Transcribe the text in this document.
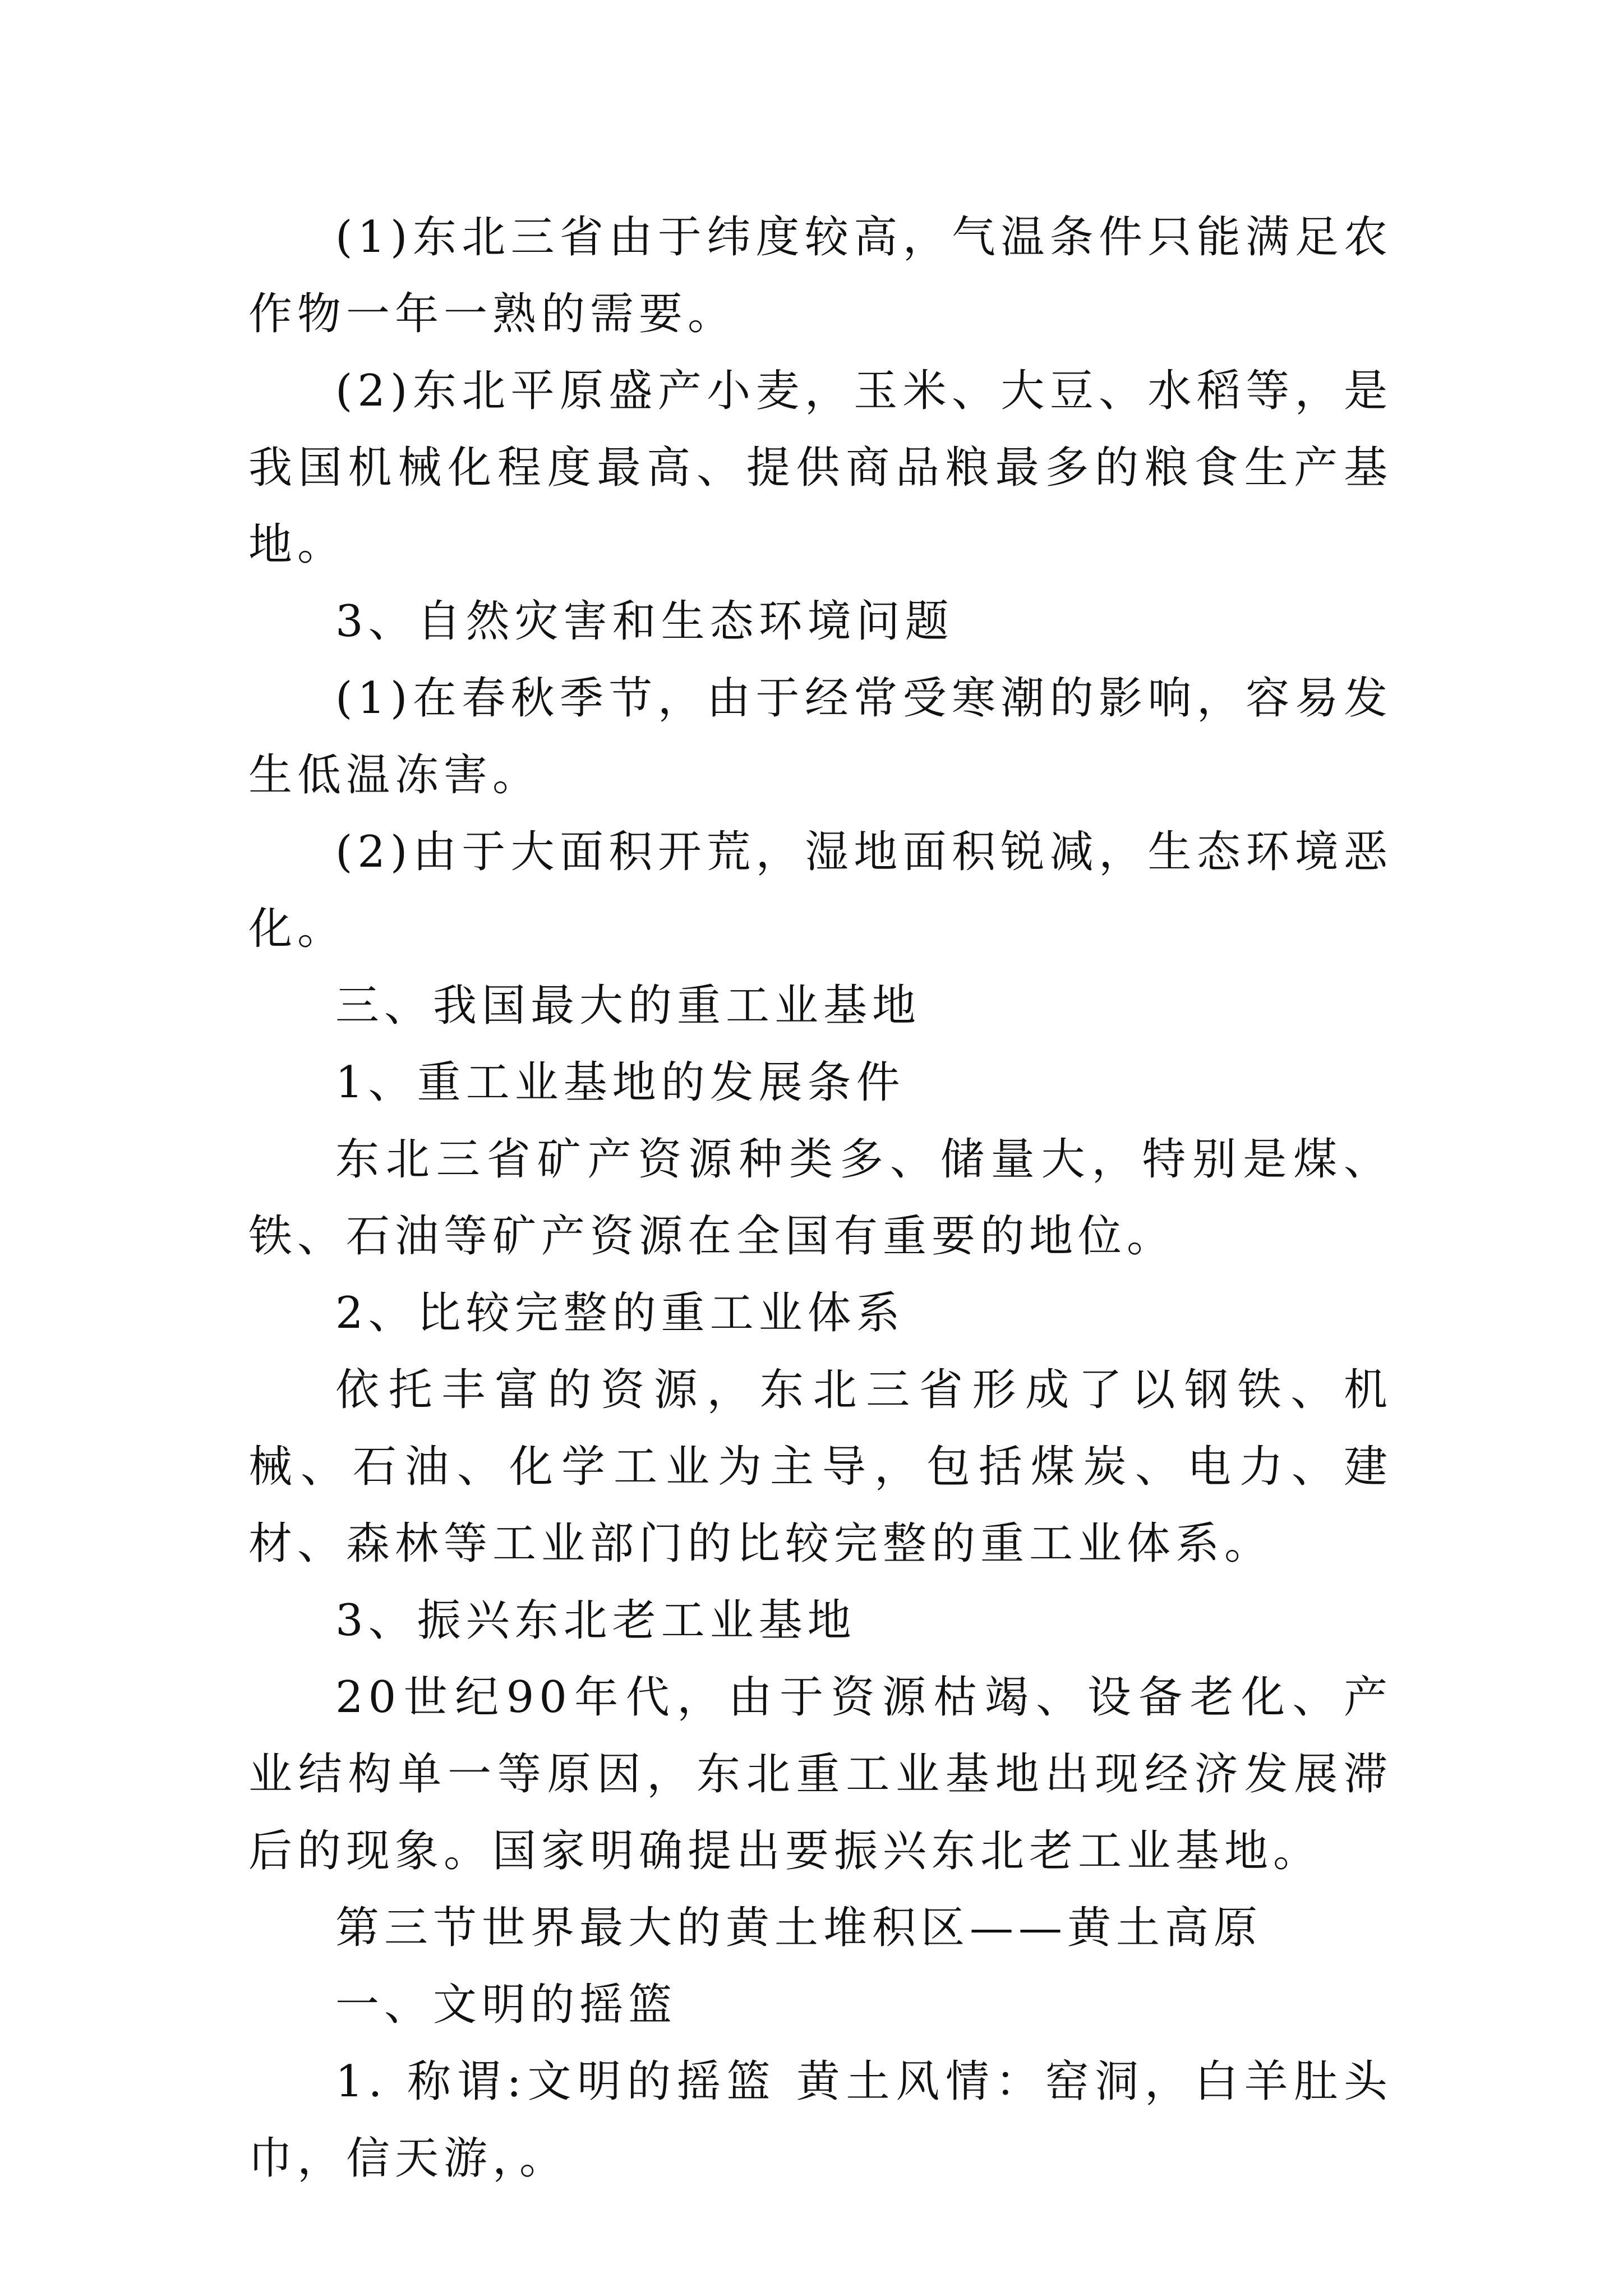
(1)东北三省由于纬度较高，气温条件只能满足农作物一年一熟的需要。

(2)东北平原盛产小麦，玉米、大豆、水稻等，是我国机械化程度最高、提供商品粮最多的粮食生产基地。

3、自然灾害和生态环境问题

(1)在春秋季节，由于经常受寒潮的影响，容易发生低温冻害。

(2)由于大面积开荒，湿地面积锐减，生态环境恶化。

三、我国最大的重工业基地

1、重工业基地的发展条件

东北三省矿产资源种类多、储量大，特别是煤、铁、石油等矿产资源在全国有重要的地位。

2、比较完整的重工业体系

依托丰富的资源，东北三省形成了以钢铁、机械、石油、化学工业为主导，包括煤炭、电力、建材、森林等工业部门的比较完整的重工业体系。

3、振兴东北老工业基地

20世纪90年代，由于资源枯竭、设备老化、产业结构单一等原因，东北重工业基地出现经济发展滞后的现象。国家明确提出要振兴东北老工业基地。

第三节世界最大的黄土堆积区——黄土高原

一、文明的摇篮

1. 称谓:文明的摇篮 黄土风情：窑洞，白羊肚头巾，信天游，。
